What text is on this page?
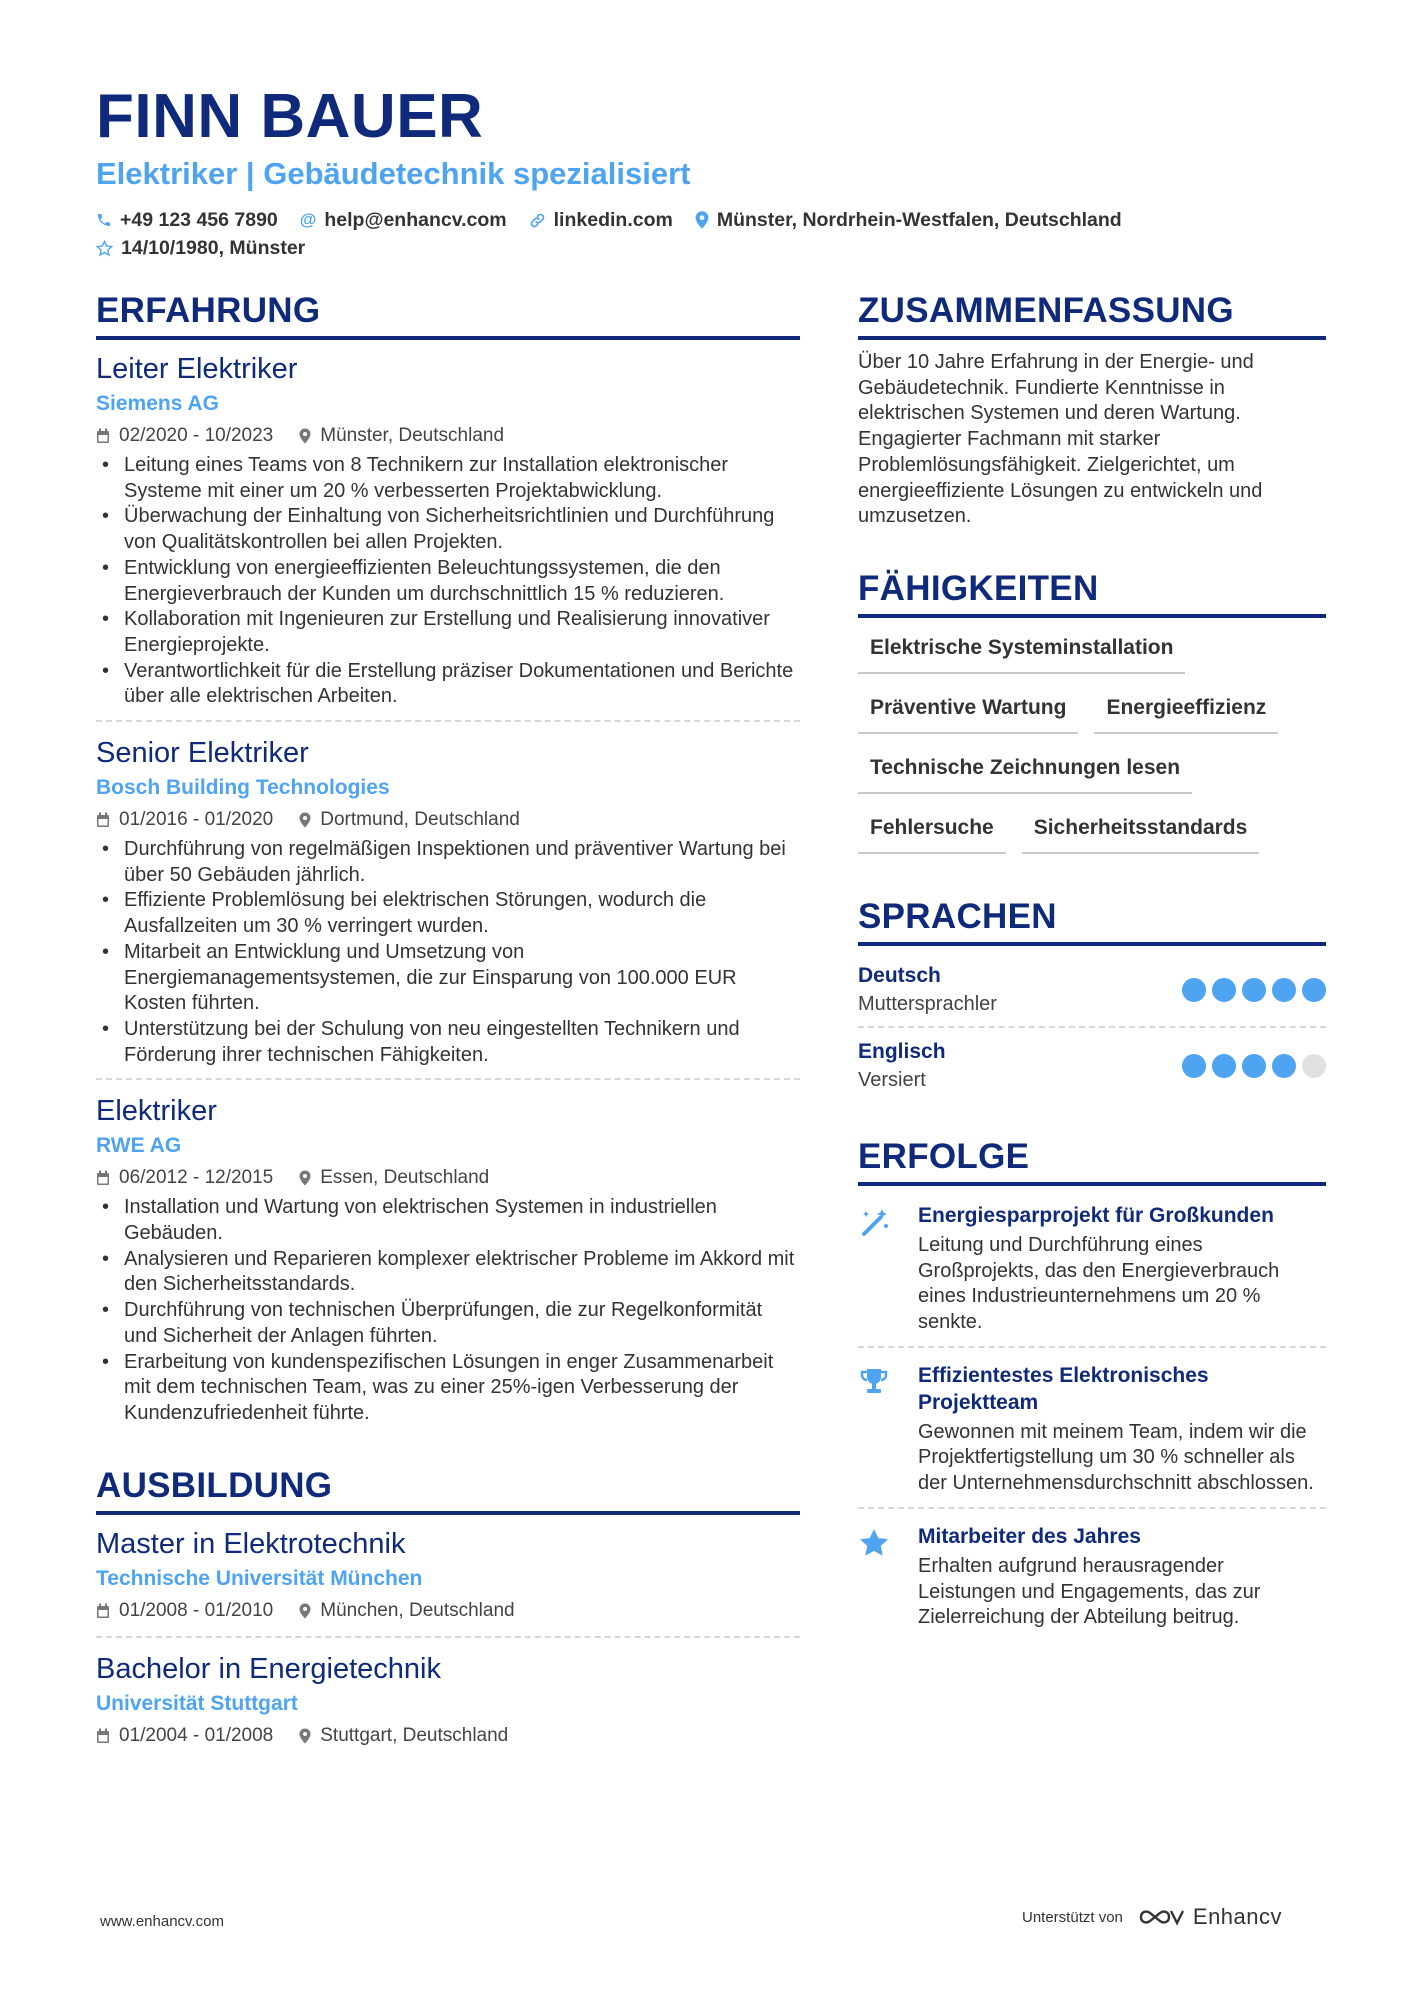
FINN BAUER
Elektriker | Gebäudetechnik spezialisiert
+49 123 456 7890 @ help@enhancv.com linkedin.com Münster, Nordrhein-Westfalen, Deutschland
14/10/1980, Münster
ERFAHRUNG
Leiter Elektriker
Siemens AG
02/2020 - 10/2023 Münster, Deutschland
• Leitung eines Teams von 8 Technikern zur Installation elektronischer Systeme mit einer um 20 % verbesserten Projektabwicklung.
• Überwachung der Einhaltung von Sicherheitsrichtlinien und Durchführung von Qualitätskontrollen bei allen Projekten.
• Entwicklung von energieeffizienten Beleuchtungssystemen, die den Energieverbrauch der Kunden um durchschnittlich 15 % reduzieren.
• Kollaboration mit Ingenieuren zur Erstellung und Realisierung innovativer Energieprojekte.
• Verantwortlichkeit für die Erstellung präziser Dokumentationen und Berichte über alle elektrischen Arbeiten.
Senior Elektriker
Bosch Building Technologies
01/2016 - 01/2020 Dortmund, Deutschland
• Durchführung von regelmäßigen Inspektionen und präventiver Wartung bei über 50 Gebäuden jährlich.
• Effiziente Problemlösung bei elektrischen Störungen, wodurch die Ausfallzeiten um 30 % verringert wurden.
• Mitarbeit an Entwicklung und Umsetzung von Energiemanagementsystemen, die zur Einsparung von 100.000 EUR Kosten führten.
• Unterstützung bei der Schulung von neu eingestellten Technikern und Förderung ihrer technischen Fähigkeiten.
Elektriker
RWE AG
06/2012 - 12/2015 Essen, Deutschland
• Installation und Wartung von elektrischen Systemen in industriellen Gebäuden.
• Analysieren und Reparieren komplexer elektrischer Probleme im Akkord mit den Sicherheitsstandards.
• Durchführung von technischen Überprüfungen, die zur Regelkonformität und Sicherheit der Anlagen führten.
• Erarbeitung von kundenspezifischen Lösungen in enger Zusammenarbeit mit dem technischen Team, was zu einer 25%-igen Verbesserung der Kundenzufriedenheit führte.
AUSBILDUNG
Master in Elektrotechnik
Technische Universität München
01/2008 - 01/2010 München, Deutschland
Bachelor in Energietechnik
Universität Stuttgart
01/2004 - 01/2008 Stuttgart, Deutschland
ZUSAMMENFASSUNG
Über 10 Jahre Erfahrung in der Energie- und Gebäudetechnik. Fundierte Kenntnisse in elektrischen Systemen und deren Wartung. Engagierter Fachmann mit starker Problemlösungsfähigkeit. Zielgerichtet, um energieeffiziente Lösungen zu entwickeln und umzusetzen.
FÄHIGKEITEN
Elektrische Systeminstallation
Präventive Wartung	Energieeffizienz
Technische Zeichnungen lesen
Fehlersuche	Sicherheitsstandards
SPRACHEN
Deutsch
Muttersprachler
Englisch
Versiert
ERFOLGE
Energiesparprojekt für Großkunden
Leitung und Durchführung eines Großprojekts, das den Energieverbrauch eines Industrieunternehmens um 20 % senkte.
Effizientestes Elektronisches Projektteam
Gewonnen mit meinem Team, indem wir die Projektfertigstellung um 30 % schneller als der Unternehmensdurchschnitt abschlossen.
Mitarbeiter des Jahres
Erhalten aufgrund herausragender Leistungen und Engagements, das zur Zielerreichung der Abteilung beitrug.
www.enhancv.com	Unterstützt von	Enhancv
